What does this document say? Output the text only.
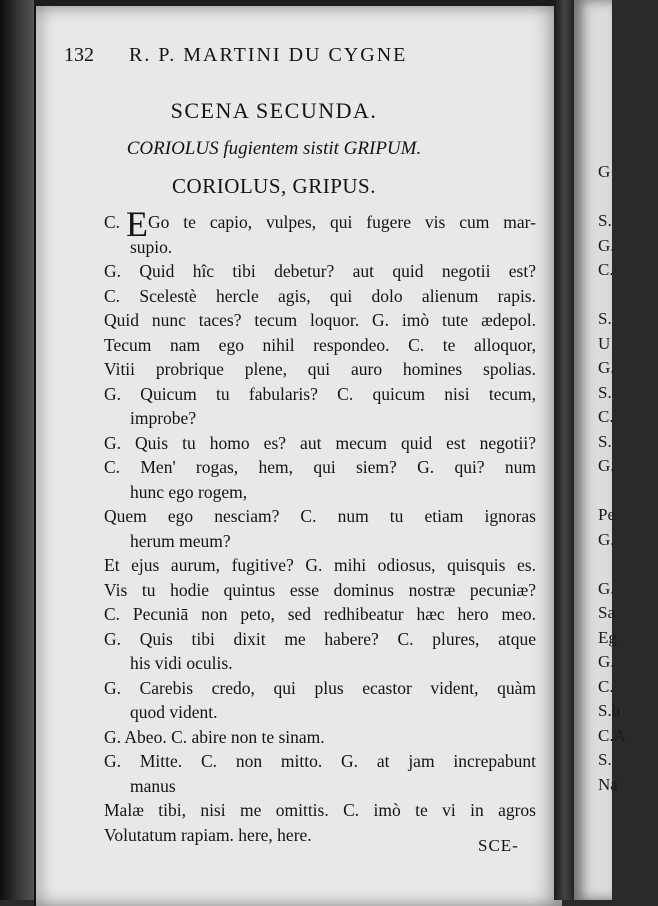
132 R. P. MARTINI DU CYGNE
SCENA SECUNDA.
CORIOLUS fugientem sistit GRIPUM.
CORIOLUS, GRIPUS.
C. E Go te capio, vulpes, qui fugere vis cum mar-
supio.
G. Quid hîc tibi debetur? aut quid negotii est?
C. Scelestè hercle agis, qui dolo alienum rapis.
Quid nunc taces? tecum loquor. G. imò tute ædepol.
Tecum nam ego nihil respondeo. C. te alloquor,
Vitii probrique plene, qui auro homines spolias.
G. Quicum tu fabularis? C. quicum nisi tecum,
improbe?
G. Quis tu homo es? aut mecum quid est negotii?
C. Men' rogas, hem, qui siem? G. qui? num
hunc ego rogem,
Quem ego nesciam? C. num tu etiam ignoras
herum meum?
Et ejus aurum, fugitive? G. mihi odiosus, quisquis es.
Vis tu hodie quintus esse dominus nostræ pecuniæ?
C. Pecuniā non peto, sed redhibeatur hæc hero meo.
G. Quis tibi dixit me habere? C. plures, atque
his vidi oculis.
G. Carebis credo, qui plus ecastor vident, quàm
quod vident.
G. Abeo. C. abire non te sinam.
G. Mitte. C. non mitto. G. at jam increpabunt
manus
Malæ tibi, nisi me omittis. C. imò te vi in agros
Volutatum rapiam. here, here.
SCE-
G

S.
G.
C.

S.
U
G.
S.
C.
S.
G.

Pe
G.

G.
Sa
Eg
G.
C.
S.b
C.A
S.
Na
